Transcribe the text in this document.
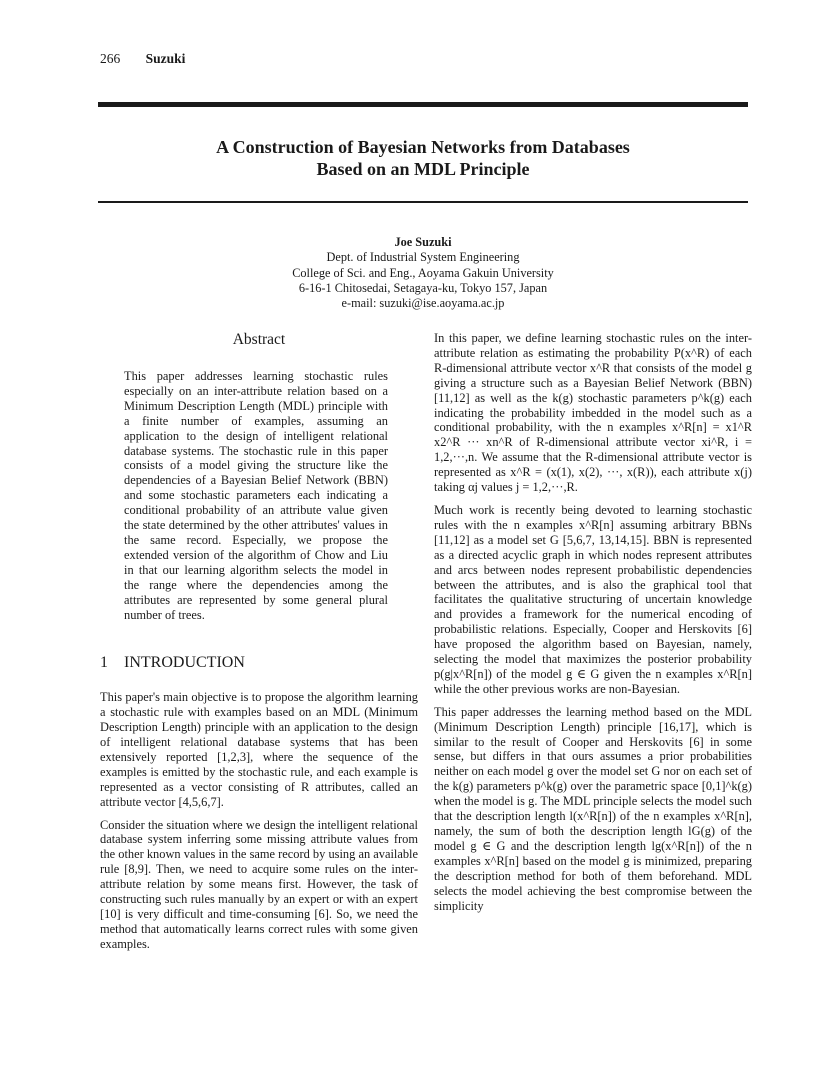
266 Suzuki
A Construction of Bayesian Networks from Databases
Based on an MDL Principle
Joe Suzuki
Dept. of Industrial System Engineering
College of Sci. and Eng., Aoyama Gakuin University
6-16-1 Chitosedai, Setagaya-ku, Tokyo 157, Japan
e-mail: suzuki@ise.aoyama.ac.jp
Abstract

This paper addresses learning stochastic rules especially on an inter-attribute relation based on a Minimum Description Length (MDL) principle with a finite number of examples, assuming an application to the design of intelligent relational database systems. The stochastic rule in this paper consists of a model giving the structure like the dependencies of a Bayesian Belief Network (BBN) and some stochastic parameters each indicating a conditional probability of an attribute value given the state determined by the other attributes' values in the same record. Especially, we propose the extended version of the algorithm of Chow and Liu in that our learning algorithm selects the model in the range where the dependencies among the attributes are represented by some general plural number of trees.

1 INTRODUCTION

This paper's main objective is to propose the algorithm learning a stochastic rule with examples based on an MDL (Minimum Description Length) principle with an application to the design of intelligent relational database systems that has been extensively reported [1,2,3], where the sequence of the examples is emitted by the stochastic rule, and each example is represented as a vector consisting of R attributes, called an attribute vector [4,5,6,7].

Consider the situation where we design the intelligent relational database system inferring some missing attribute values from the other known values in the same record by using an available rule [8,9]. Then, we need to acquire some rules on the inter-attribute relation by some means first. However, the task of constructing such rules manually by an expert or with an expert [10] is very difficult and time-consuming [6]. So, we need the method that automatically learns correct rules with some given examples.

In this paper, we define learning stochastic rules on the inter-attribute relation as estimating the probability P(x^R) of each R-dimensional attribute vector x^R that consists of the model g giving a structure such as a Bayesian Belief Network (BBN) [11,12] as well as the k(g) stochastic parameters p^k(g) each indicating the probability imbedded in the model such as a conditional probability, with the n examples x^R[n] = x1^R x2^R ··· xn^R of R-dimensional attribute vector xi^R, i = 1,2,···,n. We assume that the R-dimensional attribute vector is represented as x^R = (x(1), x(2), ···, x(R)), each attribute x(j) taking αj values j = 1,2,···,R.

Much work is recently being devoted to learning stochastic rules with the n examples x^R[n] assuming arbitrary BBNs [11,12] as a model set G [5,6,7, 13,14,15]. BBN is represented as a directed acyclic graph in which nodes represent attributes and arcs between nodes represent probabilistic dependencies between the attributes, and is also the graphical tool that facilitates the qualitative structuring of uncertain knowledge and provides a framework for the numerical encoding of probabilistic relations. Especially, Cooper and Herskovits [6] have proposed the algorithm based on Bayesian, namely, selecting the model that maximizes the posterior probability p(g|x^R[n]) of the model g ∈ G given the n examples x^R[n] while the other previous works are non-Bayesian.

This paper addresses the learning method based on the MDL (Minimum Description Length) principle [16,17], which is similar to the result of Cooper and Herskovits [6] in some sense, but differs in that ours assumes a prior probabilities neither on each model g over the model set G nor on each set of the k(g) parameters p^k(g) over the parametric space [0,1]^k(g) when the model is g. The MDL principle selects the model such that the description length l(x^R[n]) of the n examples x^R[n], namely, the sum of both the description length lG(g) of the model g ∈ G and the description length lg(x^R[n]) of the n examples x^R[n] based on the model g is minimized, preparing the description method for both of them beforehand. MDL selects the model achieving the best compromise between the simplicity
